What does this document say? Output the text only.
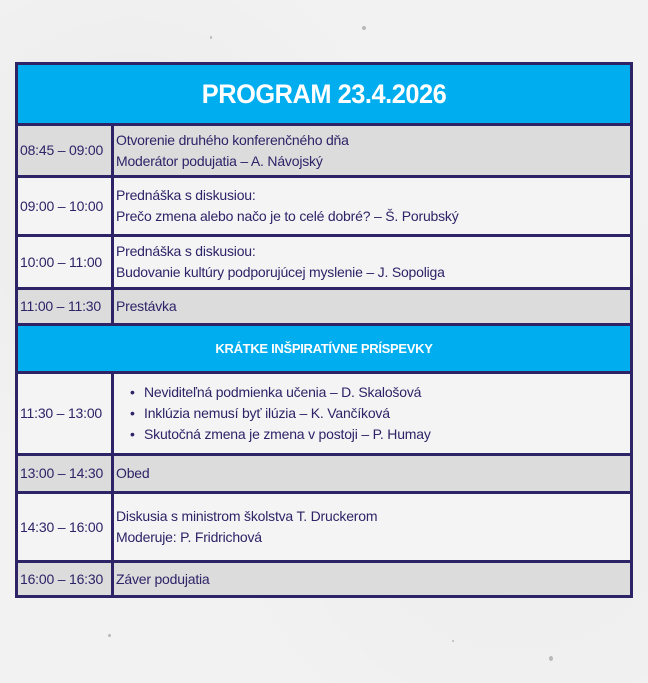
PROGRAM 23.4.2026
08:45 – 09:00
Otvorenie druhého konferenčného dňa
Moderátor podujatia – A. Návojský
09:00 – 10:00
Prednáška s diskusiou:
Prečo zmena alebo načo je to celé dobré? – Š. Porubský
10:00 – 11:00
Prednáška s diskusiou:
Budovanie kultúry podporujúcej myslenie – J. Sopoliga
11:00 – 11:30	Prestávka
KRÁTKE INŠPIRATÍVNE PRÍSPEVKY
11:30 – 13:00
• Neviditeľná podmienka učenia – D. Skalošová
• Inklúzia nemusí byť ilúzia – K. Vančíková
• Skutočná zmena je zmena v postoji – P. Humay
13:00 – 14:30 Obed
14:30 – 16:00
Diskusia s ministrom školstva T. Druckerom
Moderuje: P. Fridrichová
16:00 – 16:30 Záver podujatia
